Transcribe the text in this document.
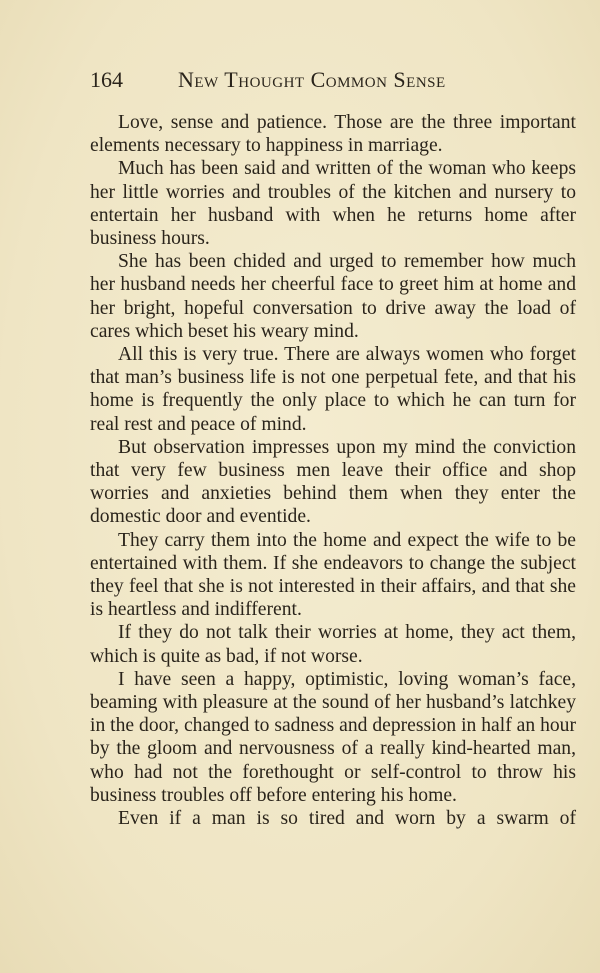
164	New Thought Common Sense

Love, sense and patience. Those are the three important elements necessary to happiness in marriage.

Much has been said and written of the woman who keeps her little worries and troubles of the kitchen and nursery to entertain her husband with when he returns home after business hours.

She has been chided and urged to remember how much her husband needs her cheerful face to greet him at home and her bright, hopeful conversation to drive away the load of cares which beset his weary mind.

All this is very true. There are always women who forget that man’s business life is not one perpetual fete, and that his home is frequently the only place to which he can turn for real rest and peace of mind.

But observation impresses upon my mind the conviction that very few business men leave their office and shop worries and anxieties behind them when they enter the domestic door and eventide.

They carry them into the home and expect the wife to be entertained with them. If she endeavors to change the subject they feel that she is not interested in their affairs, and that she is heartless and indifferent.

If they do not talk their worries at home, they act them, which is quite as bad, if not worse.

I have seen a happy, optimistic, loving woman’s face, beaming with pleasure at the sound of her husband’s latchkey in the door, changed to sadness and depression in half an hour by the gloom and nervousness of a really kind-hearted man, who had not the forethought or self-control to throw his business troubles off before entering his home.

Even if a man is so tired and worn by a swarm of
